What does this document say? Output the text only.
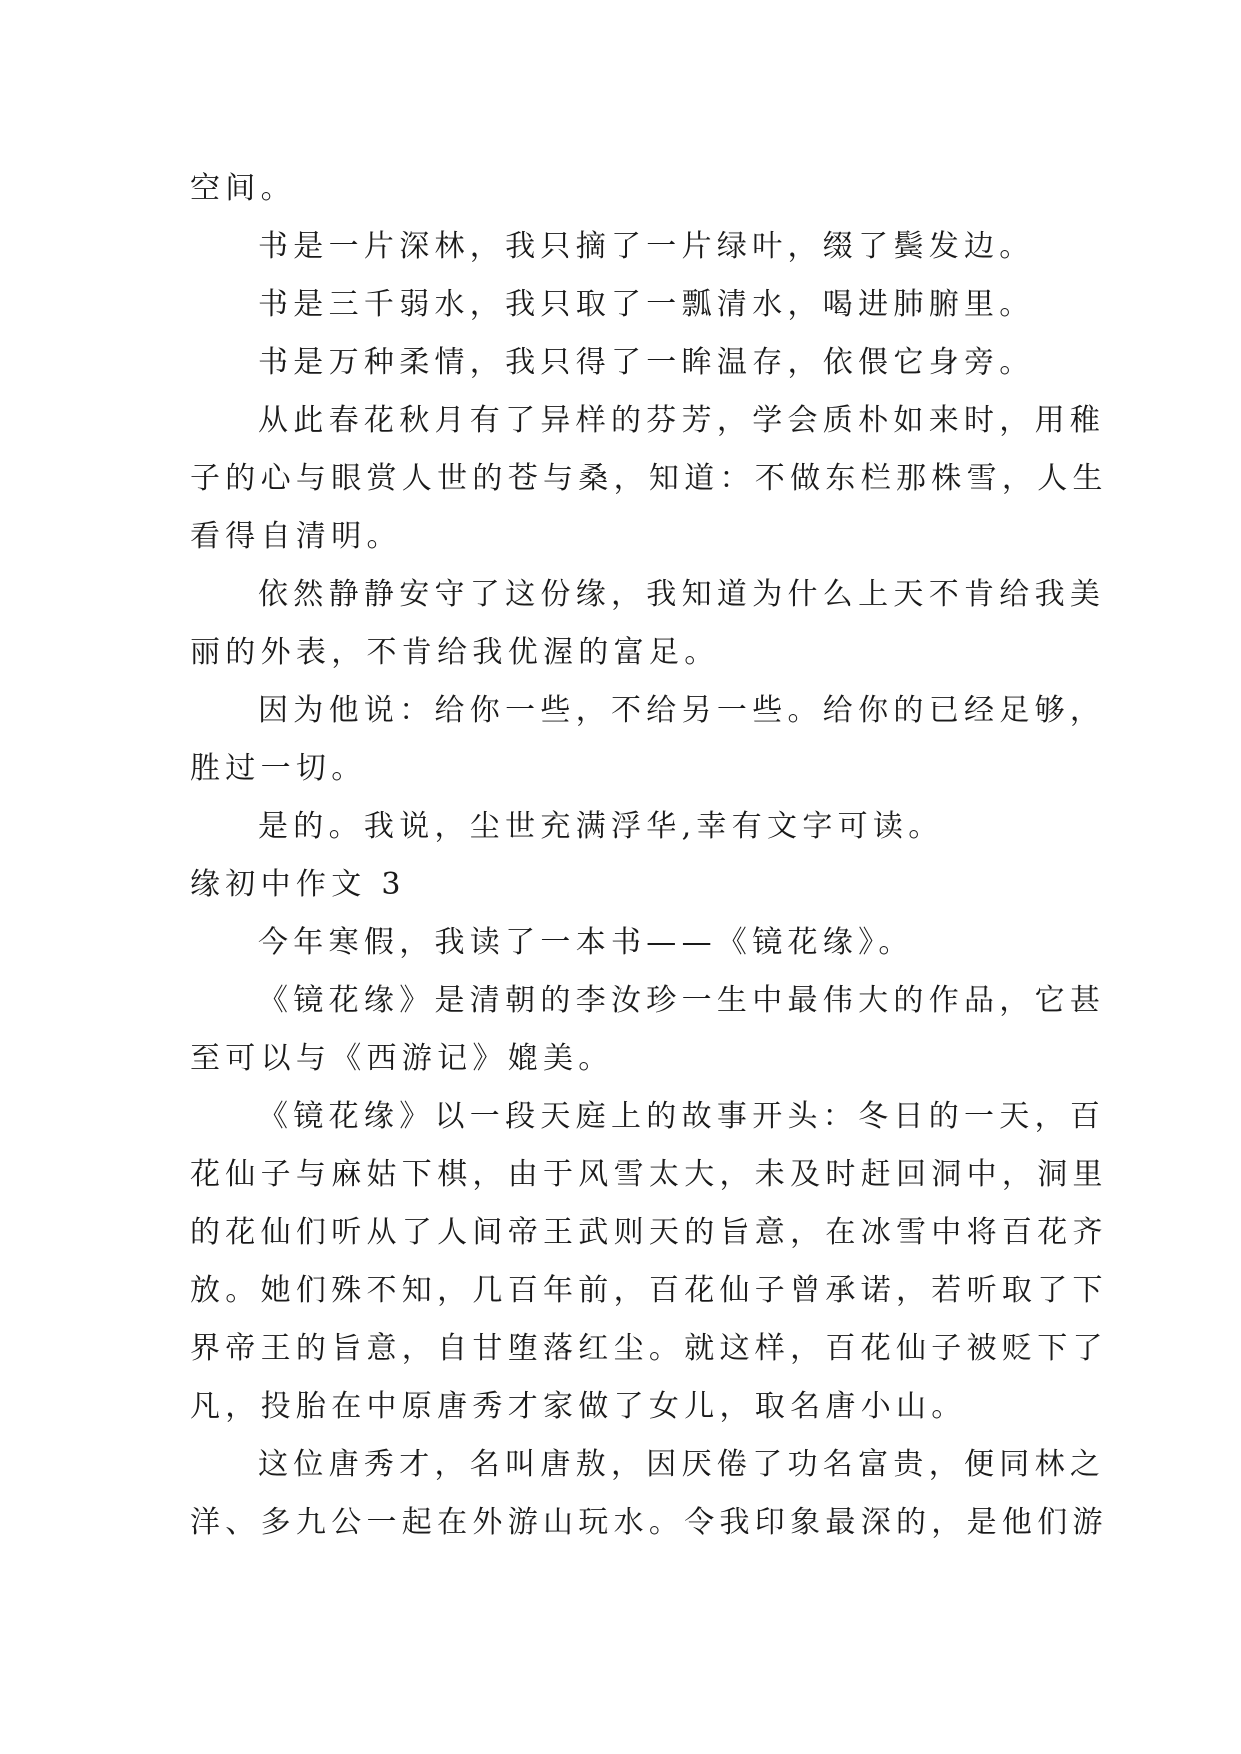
空间。
书是一片深林，我只摘了一片绿叶，缀了鬓发边。
书是三千弱水，我只取了一瓢清水，喝进肺腑里。
书是万种柔情，我只得了一眸温存，依偎它身旁。
从此春花秋月有了异样的芬芳，学会质朴如来时，用稚
子的心与眼赏人世的苍与桑，知道：不做东栏那株雪，人生
看得自清明。
依然静静安守了这份缘，我知道为什么上天不肯给我美
丽的外表，不肯给我优渥的富足。
因为他说：给你一些，不给另一些。给你的已经足够，
胜过一切。
是的。我说，尘世充满浮华,幸有文字可读。
缘初中作文 3
今年寒假，我读了一本书——《镜花缘》。
《镜花缘》是清朝的李汝珍一生中最伟大的作品，它甚
至可以与《西游记》媲美。
《镜花缘》以一段天庭上的故事开头：冬日的一天，百
花仙子与麻姑下棋，由于风雪太大，未及时赶回洞中，洞里
的花仙们听从了人间帝王武则天的旨意，在冰雪中将百花齐
放。她们殊不知，几百年前，百花仙子曾承诺，若听取了下
界帝王的旨意，自甘堕落红尘。就这样，百花仙子被贬下了
凡，投胎在中原唐秀才家做了女儿，取名唐小山。
这位唐秀才，名叫唐敖，因厌倦了功名富贵，便同林之
洋、多九公一起在外游山玩水。令我印象最深的，是他们游
